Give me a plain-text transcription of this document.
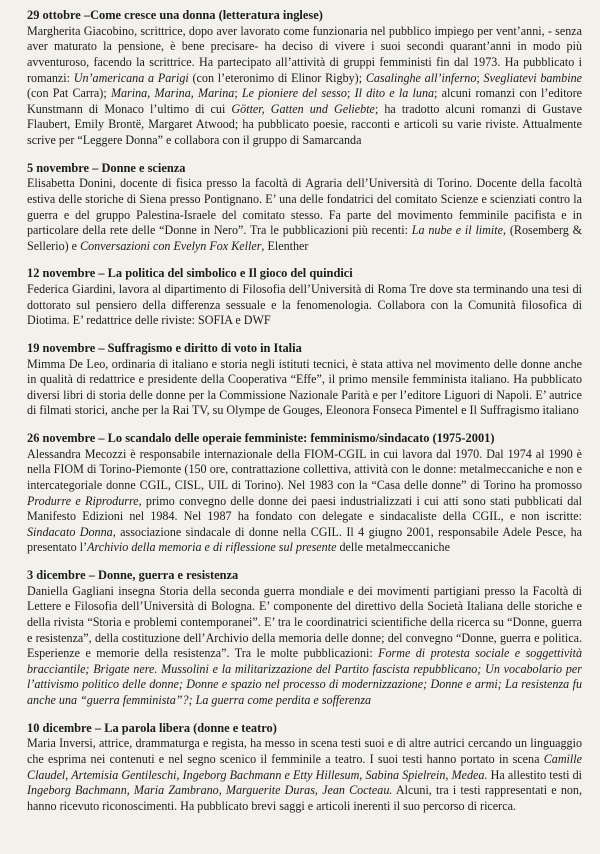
29 ottobre –Come cresce una donna (letteratura inglese)

Margherita Giacobino, scrittrice, dopo aver lavorato come funzionaria nel pubblico impiego per vent’anni, - senza aver maturato la pensione, è bene precisare- ha deciso di vivere i suoi secondi quarant’anni in modo più avventuroso, facendo la scrittrice. Ha partecipato all’attività di gruppi femministi fin dal 1973. Ha pubblicato i romanzi: Un’americana a Parigi (con l’eteronimo di Elinor Rigby); Casalinghe all’inferno; Svegliatevi bambine (con Pat Carra); Marina, Marina, Marina; Le pioniere del sesso; Il dito e la luna; alcuni romanzi con l’editore Kunstmann di Monaco l’ultimo di cui Götter, Gatten und Geliebte; ha tradotto alcuni romanzi di Gustave Flaubert, Emily Brontë, Margaret Atwood; ha pubblicato poesie, racconti e articoli su varie riviste. Attualmente scrive per “Leggere Donna” e collabora con il gruppo di Samarcanda

5 novembre – Donne e scienza

Elisabetta Donini, docente di fisica presso la facoltà di Agraria dell’Università di Torino. Docente della facoltà estiva delle storiche di Siena presso Pontignano. E’ una delle fondatrici del comitato Scienze e scienziati contro la guerra e del gruppo Palestina-Israele del comitato stesso. Fa parte del movimento femminile pacifista e in particolare della rete delle “Donne in Nero”. Tra le pubblicazioni più recenti: La nube e il limite, (Rosemberg & Sellerio) e Conversazioni con Evelyn Fox Keller, Elenther

12 novembre – La politica del simbolico e Il gioco del quindici

Federica Giardini, lavora al dipartimento di Filosofia dell’Università di Roma Tre dove sta terminando una tesi di dottorato sul pensiero della differenza sessuale e la fenomenologia. Collabora con la Comunità filosofica di Diotima. E’ redattrice delle riviste: SOFIA e DWF

19 novembre – Suffragismo e diritto di voto in Italia

Mimma De Leo, ordinaria di italiano e storia negli istituti tecnici, è stata attiva nel movimento delle donne anche in qualità di redattrice e presidente della Cooperativa “Effe”, il primo mensile femminista italiano. Ha pubblicato diversi libri di storia delle donne per la Commissione Nazionale Parità e per l’editore Liguori di Napoli. E’ autrice di filmati storici, anche per la Rai TV, su Olympe de Gouges, Eleonora Fonseca Pimentel e Il Suffragismo italiano

26 novembre – Lo scandalo delle operaie femministe: femminismo/sindacato (1975-2001)

Alessandra Mecozzi è responsabile internazionale della FIOM-CGIL in cui lavora dal 1970. Dal 1974 al 1990 è nella FIOM di Torino-Piemonte (150 ore, contrattazione collettiva, attività con le donne: metalmeccaniche e non e intercategoriale donne CGIL, CISL, UIL di Torino). Nel 1983 con la “Casa delle donne” di Torino ha promosso Produrre e Riprodurre, primo convegno delle donne dei paesi industrializzati i cui atti sono stati pubblicati dal Manifesto Edizioni nel 1984. Nel 1987 ha fondato con delegate e sindacaliste della CGIL, e non iscritte: Sindacato Donna, associazione sindacale di donne nella CGIL. Il 4 giugno 2001, responsabile Adele Pesce, ha presentato l’Archivio della memoria e di riflessione sul presente delle metalmeccaniche

3 dicembre – Donne, guerra e resistenza

Daniella Gagliani insegna Storia della seconda guerra mondiale e dei movimenti partigiani presso la Facoltà di Lettere e Filosofia dell’Università di Bologna. E’ componente del direttivo della Società Italiana delle storiche e della rivista “Storia e problemi contemporanei”. E’ tra le coordinatrici scientifiche della ricerca su “Donne, guerra e resistenza”, della costituzione dell’Archivio della memoria delle donne; del convegno “Donne, guerra e politica. Esperienze e memorie della resistenza”. Tra le molte pubblicazioni: Forme di protesta sociale e soggettività bracciantile; Brigate nere. Mussolini e la militarizzazione del Partito fascista repubblicano; Un vocabolario per l’attivismo politico delle donne; Donne e spazio nel processo di modernizzazione; Donne e armi; La resistenza fu anche una “guerra femminista”?; La guerra come perdita e sofferenza

10 dicembre – La parola libera (donne e teatro)

Maria Inversi, attrice, drammaturga e regista, ha messo in scena testi suoi e di altre autrici cercando un linguaggio che esprima nei contenuti e nel segno scenico il femminile a teatro. I suoi testi hanno portato in scena Camille Claudel, Artemisia Gentileschi, Ingeborg Bachmann e Etty Hillesum, Sabina Spielrein, Medea. Ha allestito testi di Ingeborg Bachmann, Maria Zambrano, Marguerite Duras, Jean Cocteau. Alcuni, tra i testi rappresentati e non, hanno ricevuto riconoscimenti. Ha pubblicato brevi saggi e articoli inerenti il suo percorso di ricerca.
